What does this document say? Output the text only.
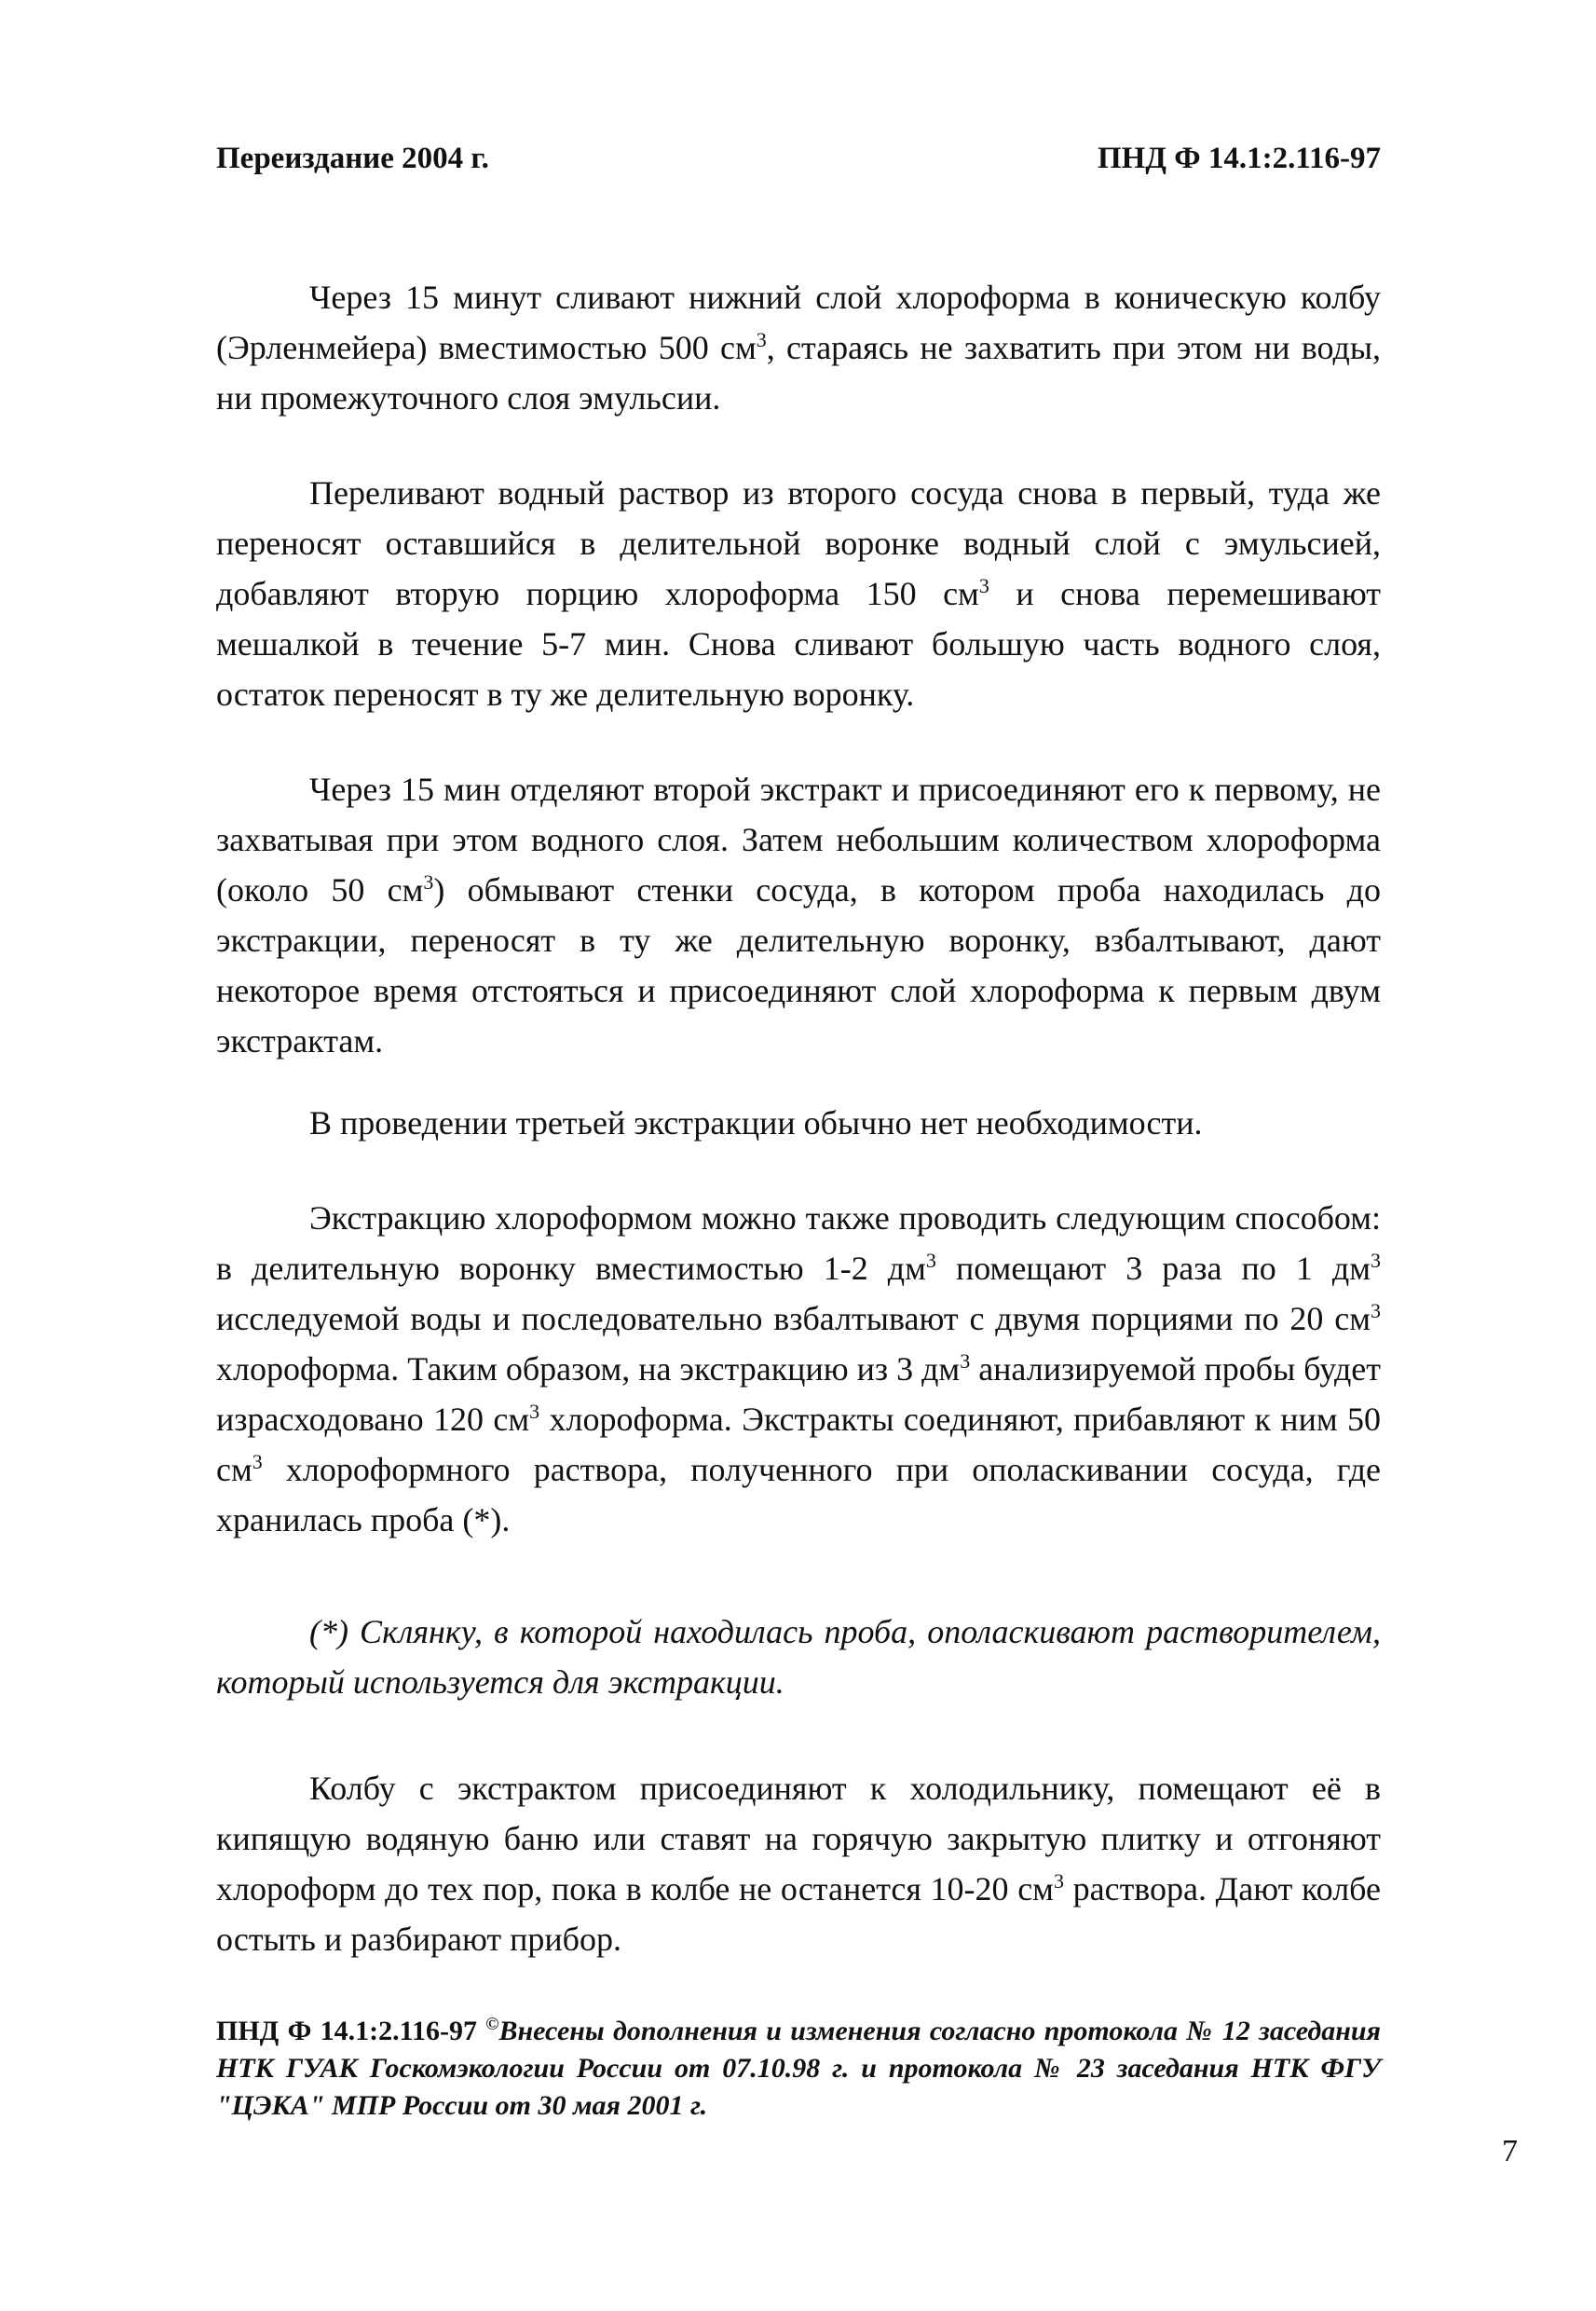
Переиздание 2004 г.	ПНД Ф 14.1:2.116-97

Через 15 минут сливают нижний слой хлороформа в коническую колбу (Эрленмейера) вместимостью 500 $см^3$, стараясь не захватить при этом ни воды, ни промежуточного слоя эмульсии.

Переливают водный раствор из второго сосуда снова в первый, туда же переносят оставшийся в делительной воронке водный слой с эмульсией, добавляют вторую порцию хлороформа 150 $см^3$ и снова перемешивают мешалкой в течение 5-7 мин. Снова сливают большую часть водного слоя, остаток переносят в ту же делительную воронку.

Через 15 мин отделяют второй экстракт и присоединяют его к первому, не захватывая при этом водного слоя. Затем небольшим количеством хлороформа (около 50 $см^3$) обмывают стенки сосуда, в котором проба находилась до экстракции, переносят в ту же делительную воронку, взбалтывают, дают некоторое время отстояться и присоединяют слой хлороформа к первым двум экстрактам.

В проведении третьей экстракции обычно нет необходимости.

Экстракцию хлороформом можно также проводить следующим способом: в делительную воронку вместимостью 1-2 $дм^3$ помещают 3 раза по 1 $дм^3$ исследуемой воды и последовательно взбалтывают с двумя порциями по 20 $см^3$ хлороформа. Таким образом, на экстракцию из 3 $дм^3$ анализируемой пробы будет израсходовано 120 $см^3$ хлороформа. Экстракты соединяют, прибавляют к ним 50 $см^3$ хлороформного раствора, полученного при ополаскивании сосуда, где хранилась проба (*).

(*) Склянку, в которой находилась проба, ополаскивают растворителем, который используется для экстракции.

Колбу с экстрактом присоединяют к холодильнику, помещают её в кипящую водяную баню или ставят на горячую закрытую плитку и отгоняют хлороформ до тех пор, пока в колбе не останется 10-20 $см^3$ раствора. Дают колбе остыть и разбирают прибор.

ПНД Ф 14.1:2.116-97 ©Внесены дополнения и изменения согласно протокола № 12 заседания НТК ГУАК Госкомэкологии России от 07.10.98 г. и протокола № 23 заседания НТК ФГУ "ЦЭКА" МПР России от 30 мая 2001 г.
7
